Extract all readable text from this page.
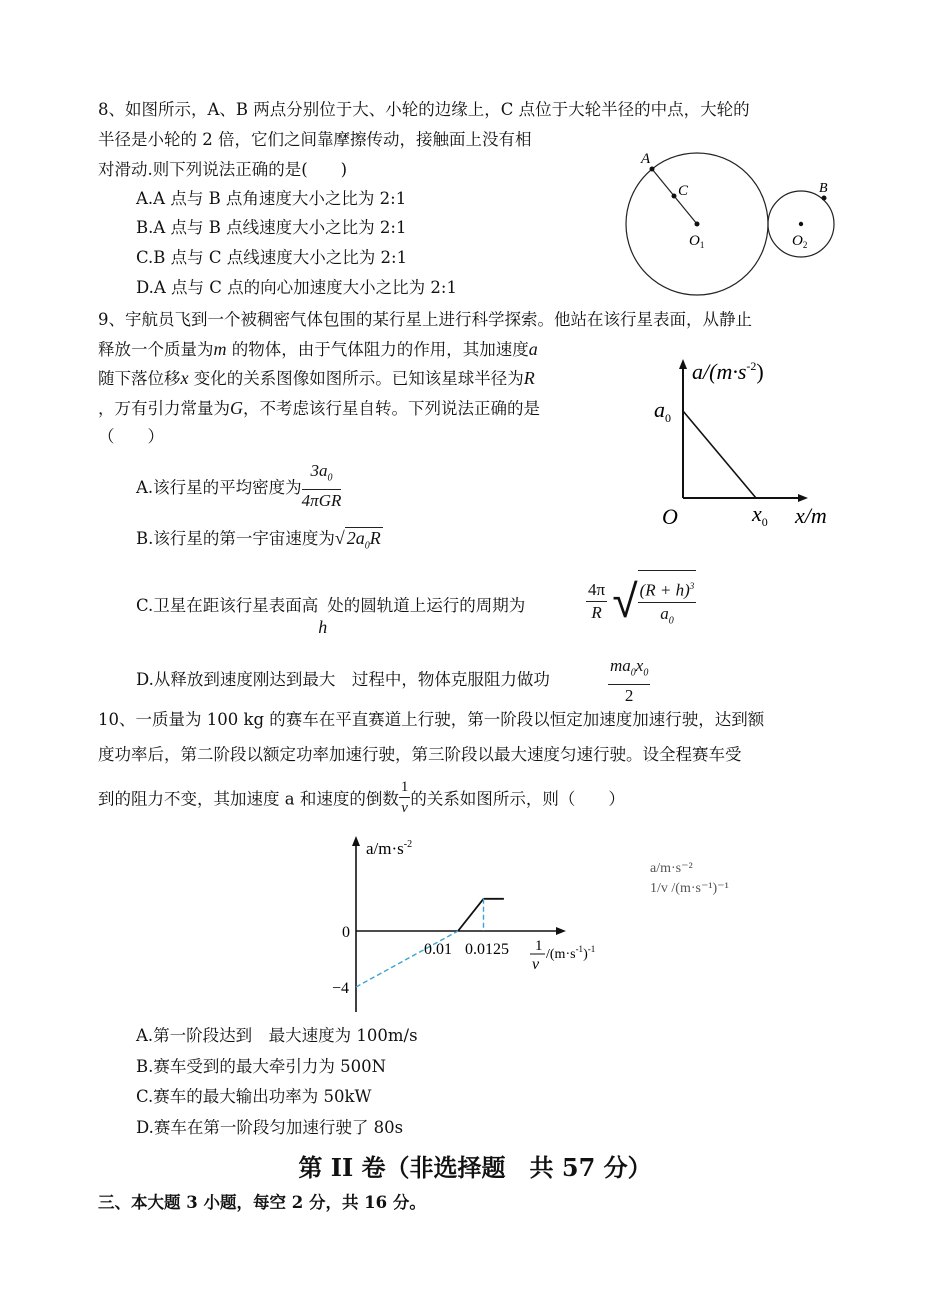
8、如图所示，A、B 两点分别位于大、小轮的边缘上，C 点位于大轮半径的中点，大轮的
半径是小轮的 2 倍，它们之间靠摩擦传动，接触面上没有相
对滑动.则下列说法正确的是(　　)
A.A 点与 B 点角速度大小之比为 2:1
B.A 点与 B 点线速度大小之比为 2:1
C.B 点与 C 点线速度大小之比为 2:1
D.A 点与 C 点的向心加速度大小之比为 2:1
A
C	B
$O_1$	$O_2$
9、宇航员飞到一个被稠密气体包围的某行星上进行科学探索。他站在该行星表面，从静止
释放一个质量为m 的物体，由于气体阻力的作用，其加速度a
随下落位移x 变化的关系图像如图所示。已知该星球半径为R
，万有引力常量为G，不考虑该行星自转。下列说法正确的是
（　　）
A.该行星的平均密度为 $\frac{3a_0}{\text{4πGR}}$
B.该行星的第一宇宙速度为√ $2a_0R$
C.卫星在距该行星表面高h处的圆轨道上运行的周期为	$\frac{4\pi}{R}$ √ $\frac{(R + h)^3}{a_0}$
D.从释放到速度刚达到最大　过程中，物体克服阻力做功	$\frac{ma_0x_0}{2}$
$a/(m\cdot s^{-2})$
$a_0$
O	$x_0$ x/m
10、一质量为 100 kg 的赛车在平直赛道上行驶，第一阶段以恒定加速度加速行驶，达到额
度功率后，第二阶段以额定功率加速行驶，第三阶段以最大速度匀速行驶。设全程赛车受
到的阻力不变，其加速度 a 和速度的倒数 $\frac{1}{v}$ 的关系如图所示，则（　　）
$a/m\cdot s^{-2}$
0
−4
0.01 0.0125 1
v
$/(m\cdot s^{-1})^{-1}$
a/m·s⁻²
1/v /(m·s⁻¹)⁻¹
A.第一阶段达到　最大速度为 100m/s
B.赛车受到的最大牵引力为 500N
C.赛车的最大输出功率为 50kW
D.赛车在第一阶段匀加速行驶了 80s
第 II 卷（非选择题　共 57 分）
三、本大题 3 小题，每空 2 分，共 16 分。
